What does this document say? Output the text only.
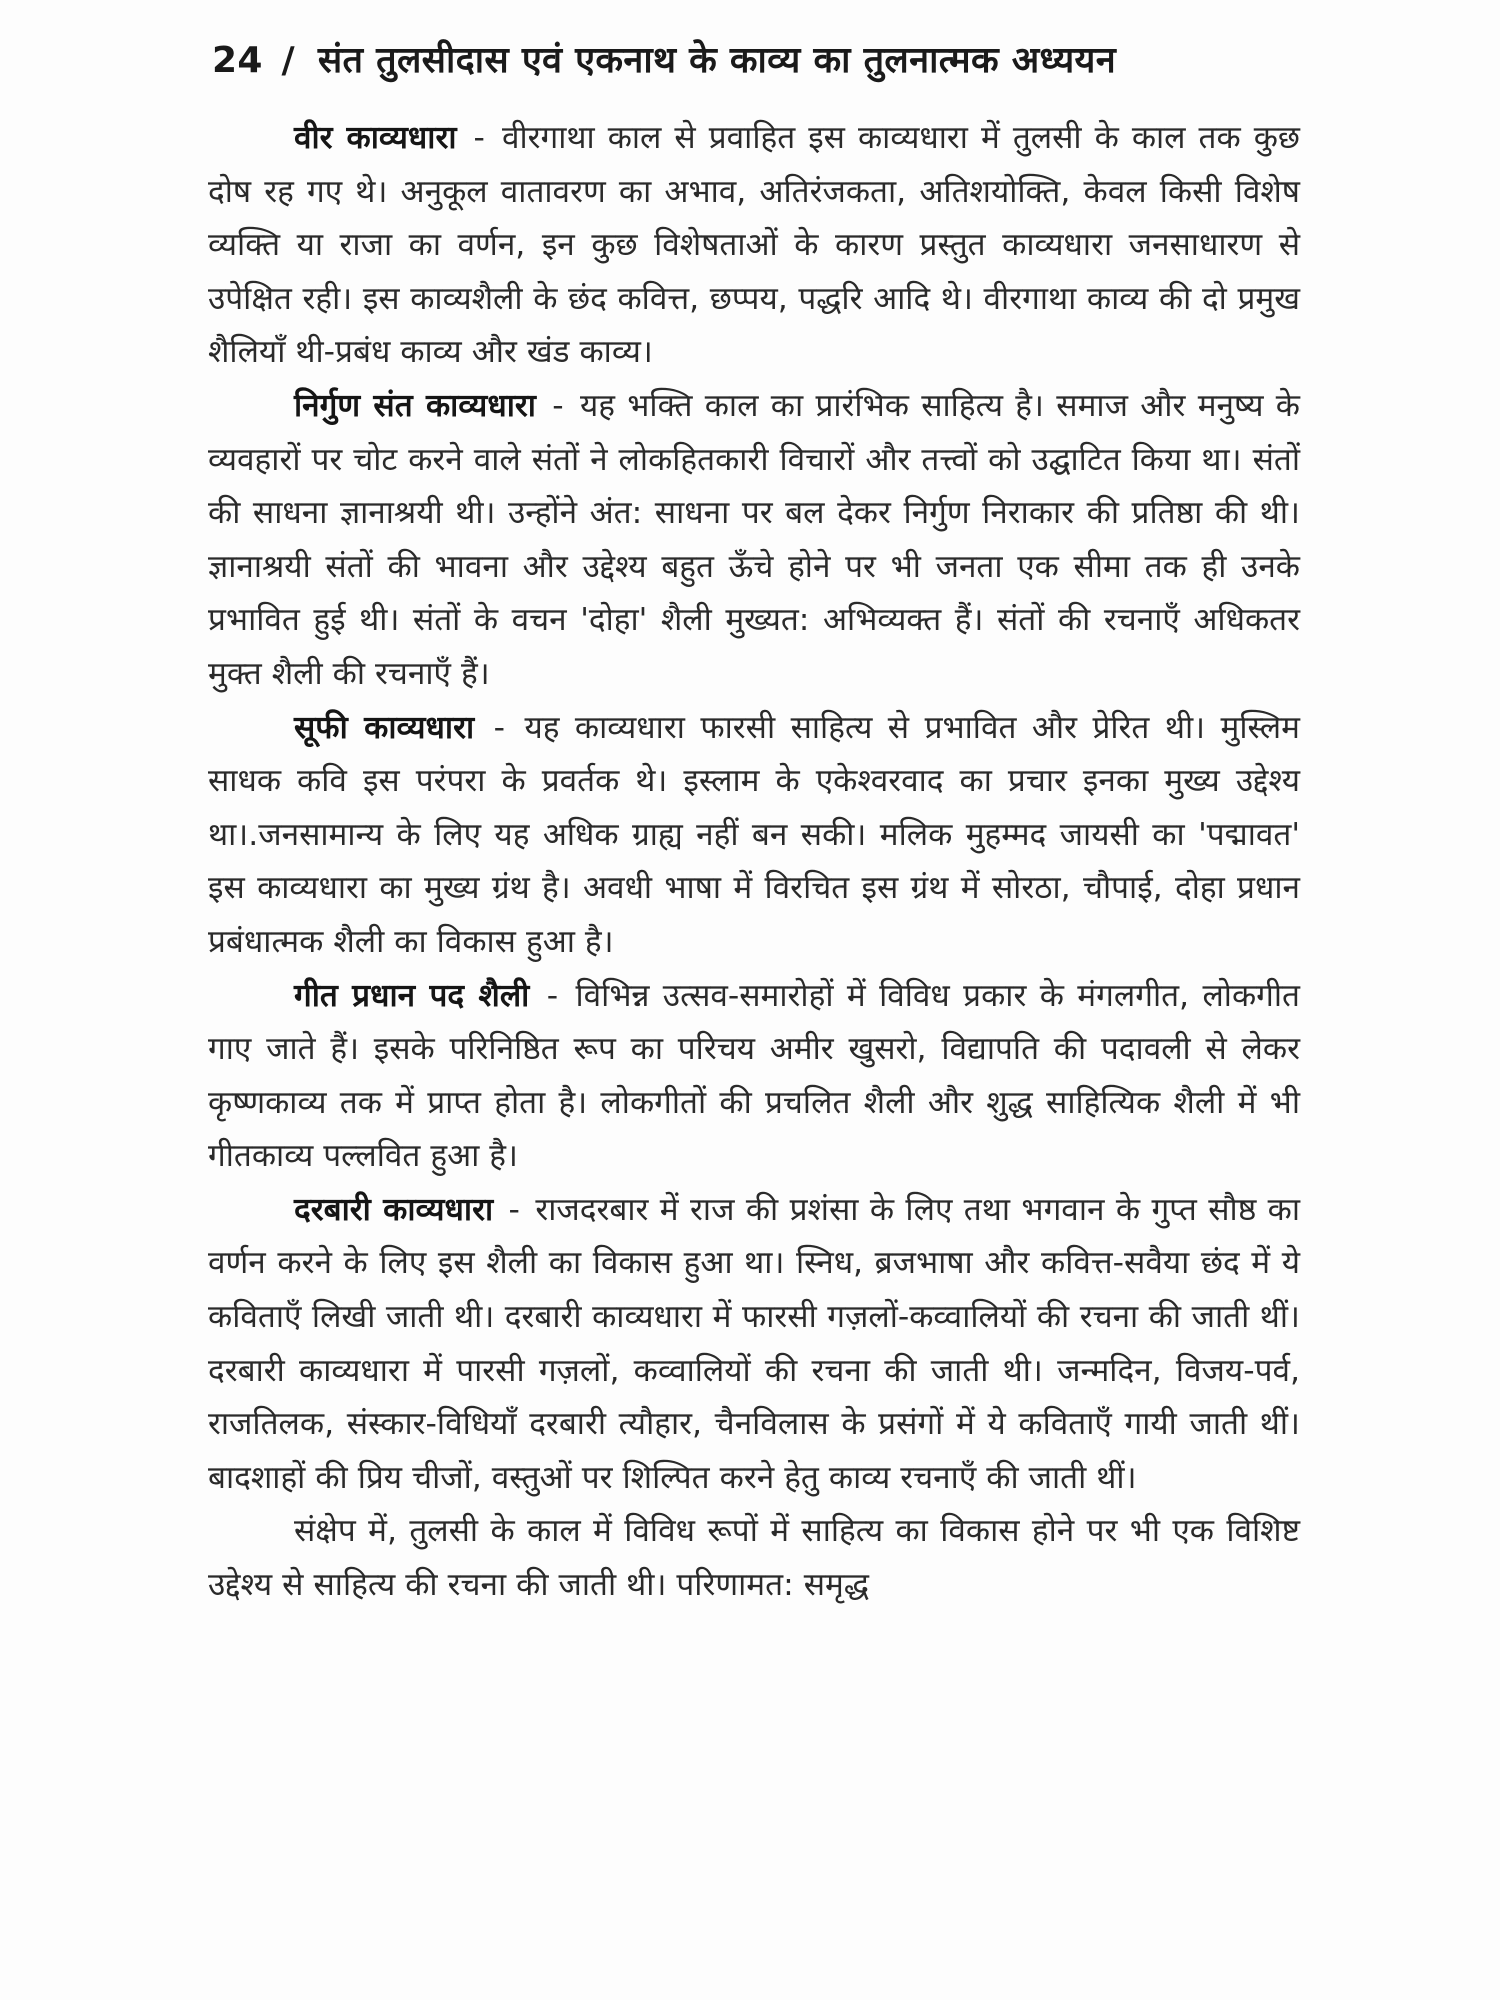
24 / संत तुलसीदास एवं एकनाथ के काव्य का तुलनात्मक अध्ययन

वीर काव्यधारा - वीरगाथा काल से प्रवाहित इस काव्यधारा में तुलसी के काल तक कुछ दोष रह गए थे। अनुकूल वातावरण का अभाव, अतिरंजकता, अतिशयोक्ति, केवल किसी विशेष व्यक्ति या राजा का वर्णन, इन कुछ विशेषताओं के कारण प्रस्तुत काव्यधारा जनसाधारण से उपेक्षित रही। इस काव्यशैली के छंद कवित्त, छप्पय, पद्धरि आदि थे। वीरगाथा काव्य की दो प्रमुख शैलियाँ थी-प्रबंध काव्य और खंड काव्य।

निर्गुण संत काव्यधारा - यह भक्ति काल का प्रारंभिक साहित्य है। समाज और मनुष्य के व्यवहारों पर चोट करने वाले संतों ने लोकहितकारी विचारों और तत्त्वों को उद्घाटित किया था। संतों की साधना ज्ञानाश्रयी थी। उन्होंने अंत: साधना पर बल देकर निर्गुण निराकार की प्रतिष्ठा की थी। ज्ञानाश्रयी संतों की भावना और उद्देश्य बहुत ऊँचे होने पर भी जनता एक सीमा तक ही उनके प्रभावित हुई थी। संतों के वचन 'दोहा' शैली मुख्यत: अभिव्यक्त हैं। संतों की रचनाएँ अधिकतर मुक्त शैली की रचनाएँ हैं।

सूफी काव्यधारा - यह काव्यधारा फारसी साहित्य से प्रभावित और प्रेरित थी। मुस्लिम साधक कवि इस परंपरा के प्रवर्तक थे। इस्लाम के एकेश्वरवाद का प्रचार इनका मुख्य उद्देश्य था।.जनसामान्य के लिए यह अधिक ग्राह्य नहीं बन सकी। मलिक मुहम्मद जायसी का 'पद्मावत' इस काव्यधारा का मुख्य ग्रंथ है। अवधी भाषा में विरचित इस ग्रंथ में सोरठा, चौपाई, दोहा प्रधान प्रबंधात्मक शैली का विकास हुआ है।

गीत प्रधान पद शैली - विभिन्न उत्सव-समारोहों में विविध प्रकार के मंगलगीत, लोकगीत गाए जाते हैं। इसके परिनिष्ठित रूप का परिचय अमीर खुसरो, विद्यापति की पदावली से लेकर कृष्णकाव्य तक में प्राप्त होता है। लोकगीतों की प्रचलित शैली और शुद्ध साहित्यिक शैली में भी गीतकाव्य पल्लवित हुआ है।

दरबारी काव्यधारा - राजदरबार में राज की प्रशंसा के लिए तथा भगवान के गुप्त सौष्ठ का वर्णन करने के लिए इस शैली का विकास हुआ था। स्निध, ब्रजभाषा और कवित्त-सवैया छंद में ये कविताएँ लिखी जाती थी। दरबारी काव्यधारा में फारसी गज़लों-कव्वालियों की रचना की जाती थीं। दरबारी काव्यधारा में पारसी गज़लों, कव्वालियों की रचना की जाती थी। जन्मदिन, विजय-पर्व, राजतिलक, संस्कार-विधियाँ दरबारी त्यौहार, चैनविलास के प्रसंगों में ये कविताएँ गायी जाती थीं। बादशाहों की प्रिय चीजों, वस्तुओं पर शिल्पित करने हेतु काव्य रचनाएँ की जाती थीं।

संक्षेप में, तुलसी के काल में विविध रूपों में साहित्य का विकास होने पर भी एक विशिष्ट उद्देश्य से साहित्य की रचना की जाती थी। परिणामत: समृद्ध
